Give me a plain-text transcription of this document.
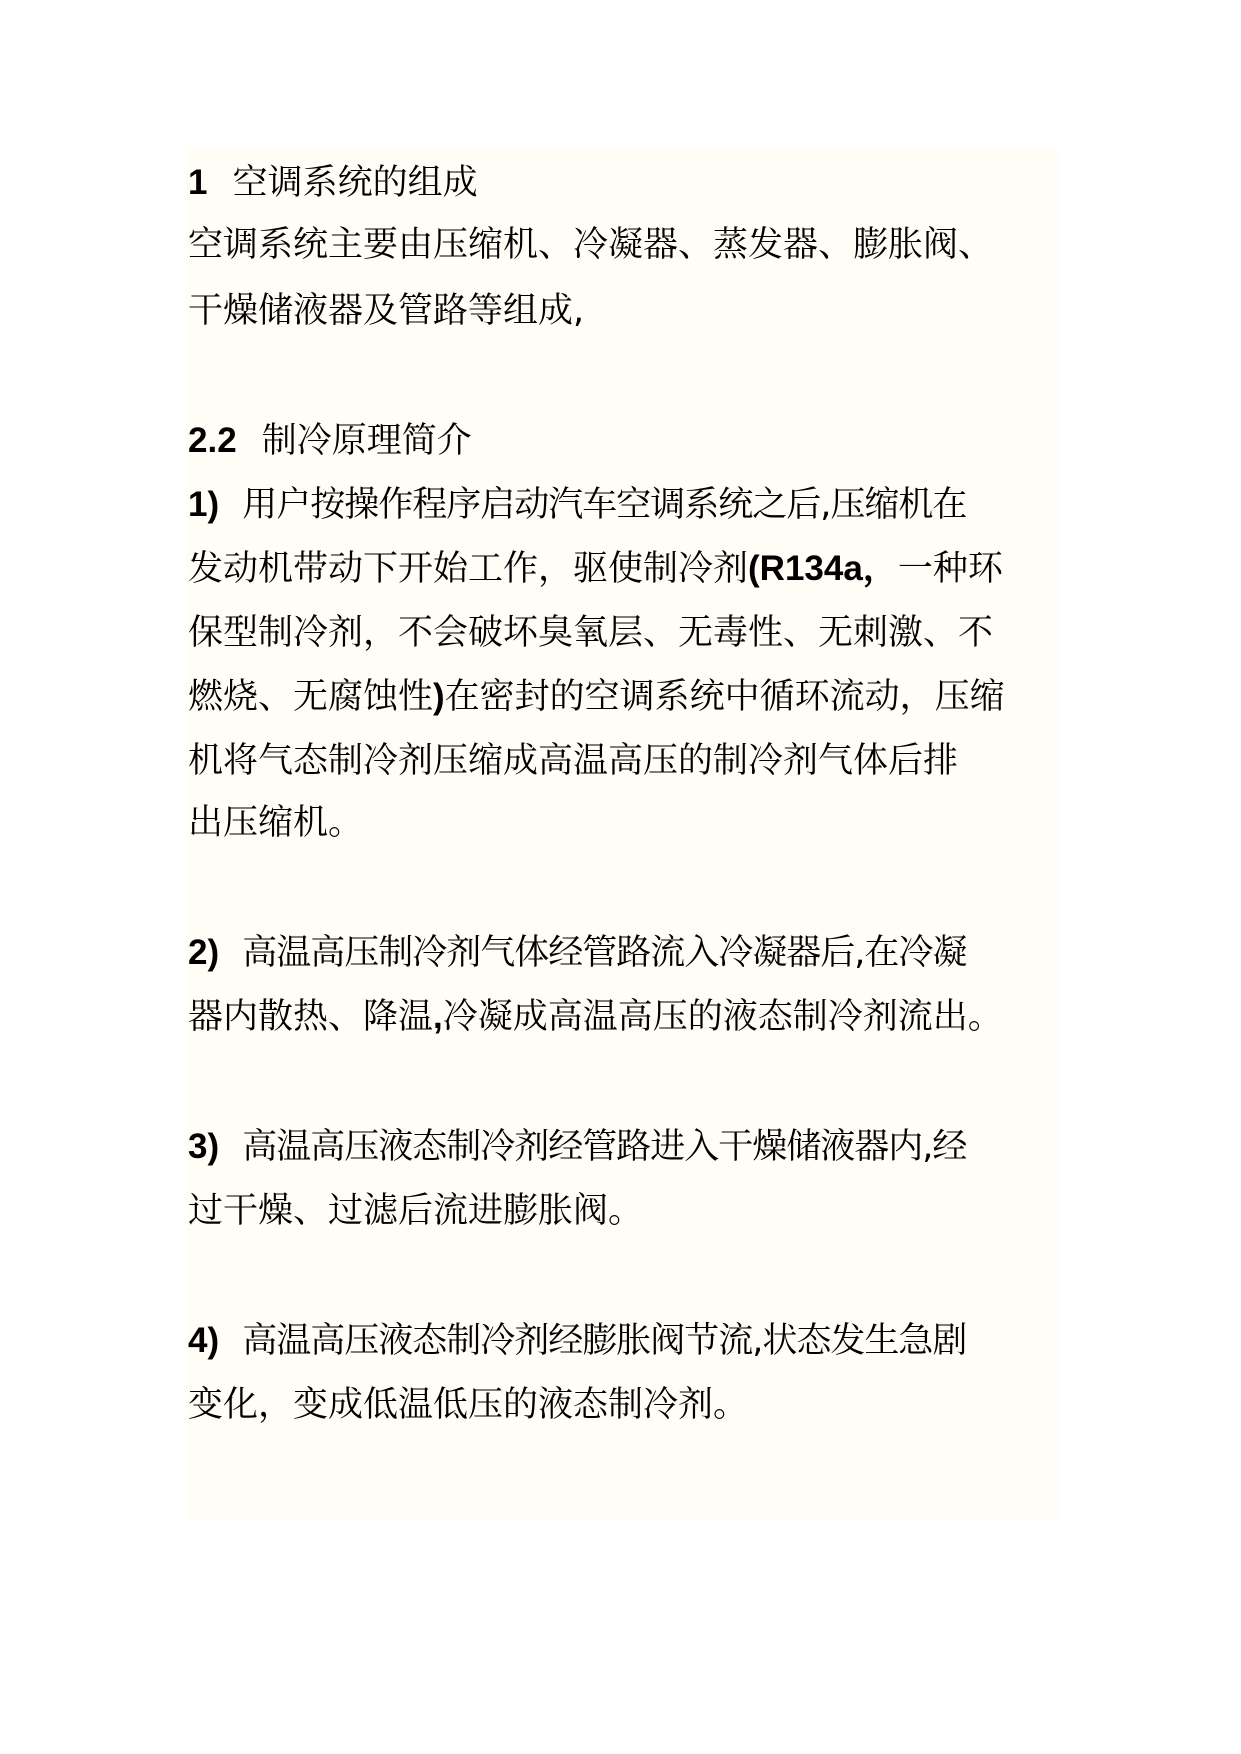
1 空调系统的组成

空调系统主要由压缩机、冷凝器、蒸发器、膨胀阀、

干燥储液器及管路等组成,

2.2 制冷原理简介

1) 用户按操作程序启动汽车空调系统之后,压缩机在

发动机带动下开始工作，驱使制冷剂(R134a，一种环

保型制冷剂，不会破坏臭氧层、无毒性、无刺激、不

燃烧、无腐蚀性)在密封的空调系统中循环流动，压缩

机将气态制冷剂压缩成高温高压的制冷剂气体后排

出压缩机。

2) 高温高压制冷剂气体经管路流入冷凝器后,在冷凝

器内散热、降温,冷凝成高温高压的液态制冷剂流出。

3) 高温高压液态制冷剂经管路进入干燥储液器内,经

过干燥、过滤后流进膨胀阀。

4) 高温高压液态制冷剂经膨胀阀节流,状态发生急剧

变化，变成低温低压的液态制冷剂。
